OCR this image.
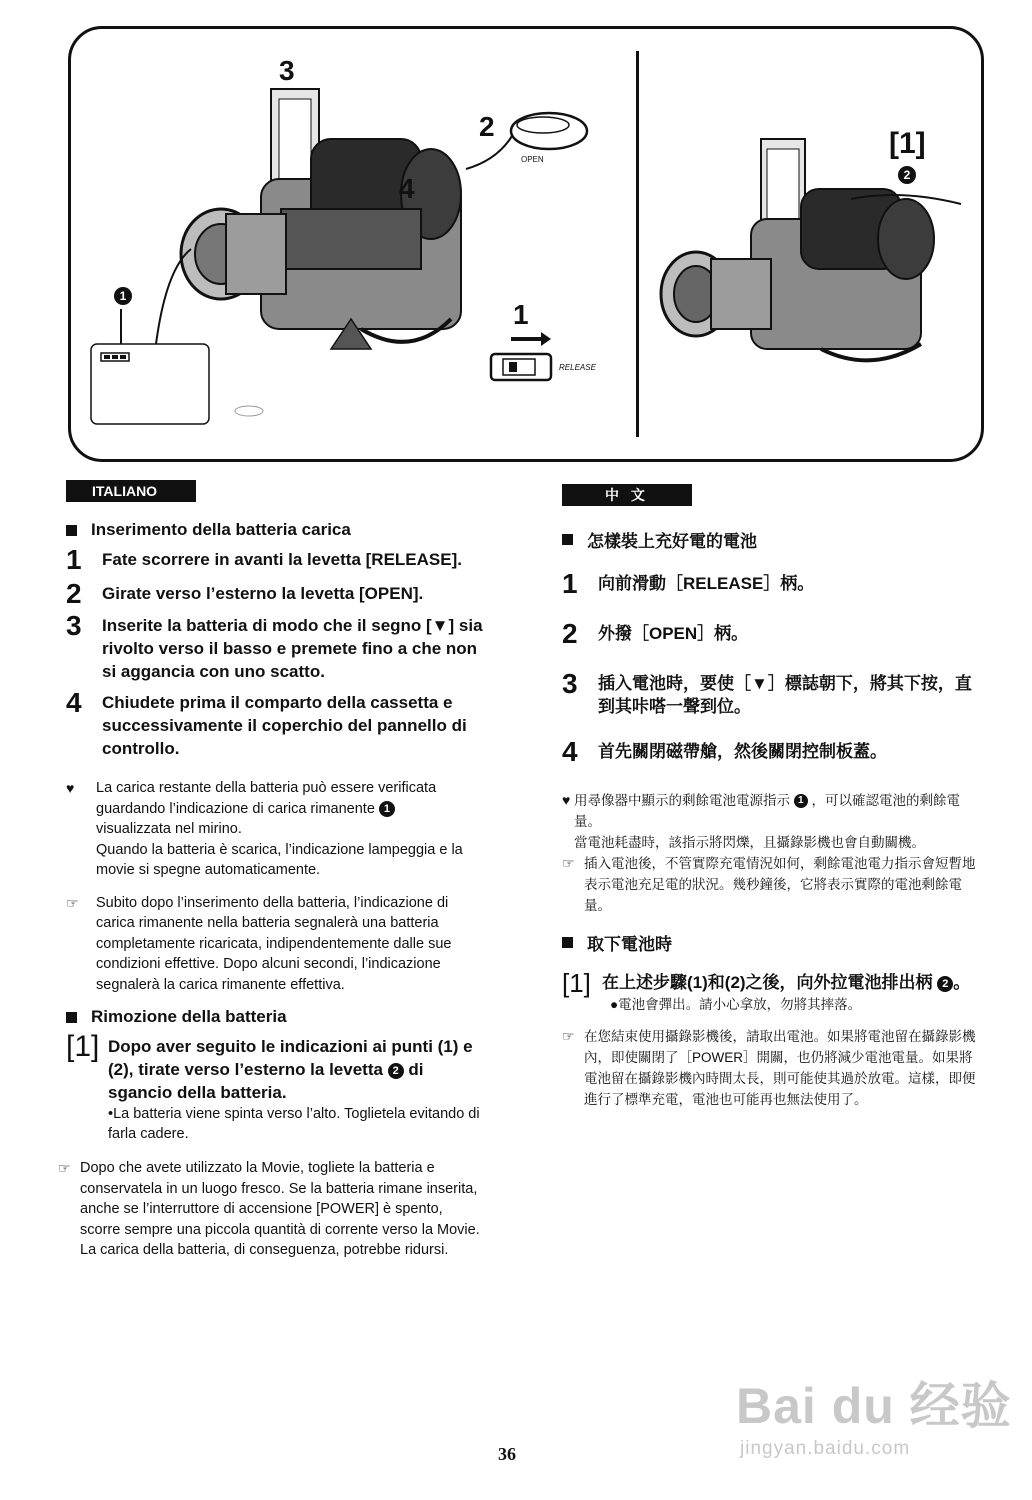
3
2
4
1
OPEN
RELEASE
1
[1]
2
ITALIANO

Inserimento della batteria carica

1	Fate scorrere in avanti la levetta [RELEASE].
2	Girate verso l’esterno la levetta [OPEN].
3	Inserite la batteria di modo che il segno [▼] sia rivolto verso il basso e premete fino a che non si aggancia con uno scatto.
4	Chiudete prima il comparto della cassetta e successivamente il coperchio del pannello di controllo.
♥	La carica restante della batteria può essere verificata guardando l’indicazione di carica rimanente 1
visualizzata nel mirino.
Quando la batteria è scarica, l’indicazione lampeggia e la movie si spegne automaticamente.
☞	Subito dopo l’inserimento della batteria, l’indicazione di carica rimanente nella batteria segnalerà una batteria completamente ricaricata, indipendentemente dalle sue condizioni effettive. Dopo alcuni secondi, l’indicazione segnalerà la carica rimanente effettiva.

Rimozione della batteria

[1] Dopo aver seguito le indicazioni ai punti (1) e (2), tirate verso l’esterno la levetta 2 di sgancio della batteria.
•La batteria viene spinta verso l’alto. Toglietela evitando di farla cadere.
☞ Dopo che avete utilizzato la Movie, togliete la batteria e conservatela in un luogo fresco. Se la batteria rimane inserita, anche se l’interruttore di accensione [POWER] è spento, scorre sempre una piccola quantità di corrente verso la Movie. La carica della batteria, di conseguenza, potrebbe ridursi.
中 文

怎樣裝上充好電的電池

1	向前滑動［RELEASE］柄。
2	外撥［OPEN］柄。
3	插入電池時，要使［▼］標誌朝下，將其下按，直到其咔嗒一聲到位。
4	首先關閉磁帶艙，然後關閉控制板蓋。
♥ 用尋像器中顯示的剩餘電池電源指示 1 ，可以確認電池的剩餘電量。
當電池耗盡時，該指示將閃爍，且攝錄影機也會自動關機。
☞ 插入電池後，不管實際充電情況如何，剩餘電池電力指示會短暫地表示電池充足電的狀況。幾秒鐘後，它將表示實際的電池剩餘電量。

取下電池時

[1] 在上述步驟(1)和(2)之後，向外拉電池排出柄 2 。
●電池會彈出。請小心拿放，勿將其摔落。
☞ 在您結束使用攝錄影機後，請取出電池。如果將電池留在攝錄影機內，即使關閉了［POWER］開關，也仍將減少電池電量。如果將電池留在攝錄影機內時間太長，則可能使其過於放電。這樣，即便進行了標準充電，電池也可能再也無法使用了。
36
Bai du 经验
jingyan.baidu.com
